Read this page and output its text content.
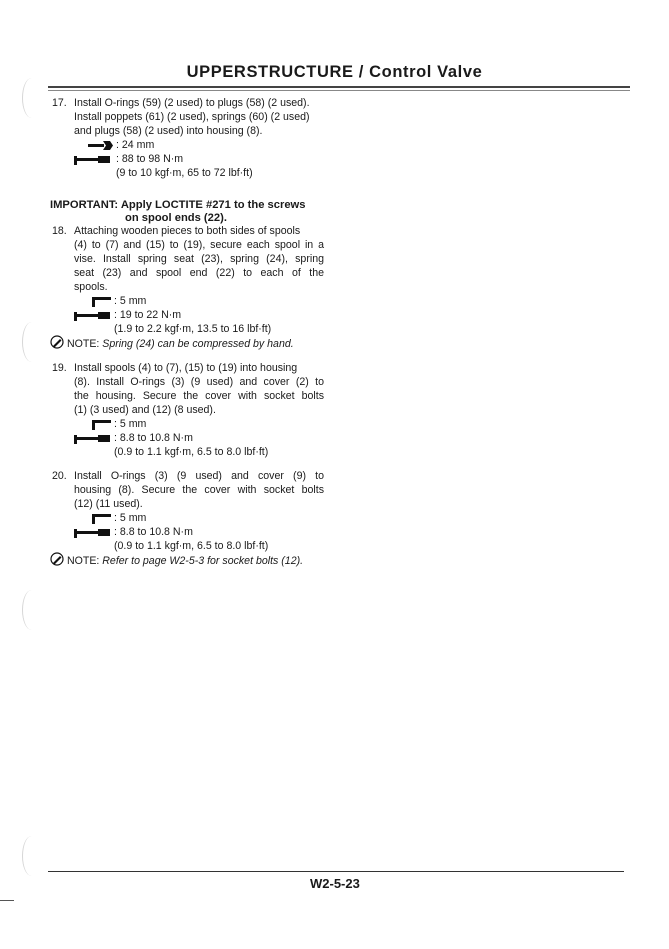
UPPERSTRUCTURE / Control Valve
17. Install O-rings (59) (2 used) to plugs (58) (2 used).
Install poppets (61) (2 used), springs (60) (2 used)
and plugs (58) (2 used) into housing (8).
: 24 mm
: 88 to 98 N·m
(9 to 10 kgf·m, 65 to 72 lbf·ft)
IMPORTANT: Apply LOCTITE #271 to the screws
on spool ends (22).
18. Attaching wooden pieces to both sides of spools
(4) to (7) and (15) to (19), secure each spool in a
vise. Install spring seat (23), spring (24), spring
seat (23) and spool end (22) to each of the
spools.
: 5 mm
: 19 to 22 N·m
(1.9 to 2.2 kgf·m, 13.5 to 16 lbf·ft)
NOTE: Spring (24) can be compressed by hand.
19. Install spools (4) to (7), (15) to (19) into housing
(8). Install O-rings (3) (9 used) and cover (2) to
the housing. Secure the cover with socket bolts
(1) (3 used) and (12) (8 used).
: 5 mm
: 8.8 to 10.8 N·m
(0.9 to 1.1 kgf·m, 6.5 to 8.0 lbf·ft)
20. Install O-rings (3) (9 used) and cover (9) to
housing (8). Secure the cover with socket bolts
(12) (11 used).
: 5 mm
: 8.8 to 10.8 N·m
(0.9 to 1.1 kgf·m, 6.5 to 8.0 lbf·ft)
NOTE: Refer to page W2-5-3 for socket bolts (12).
W2-5-23
